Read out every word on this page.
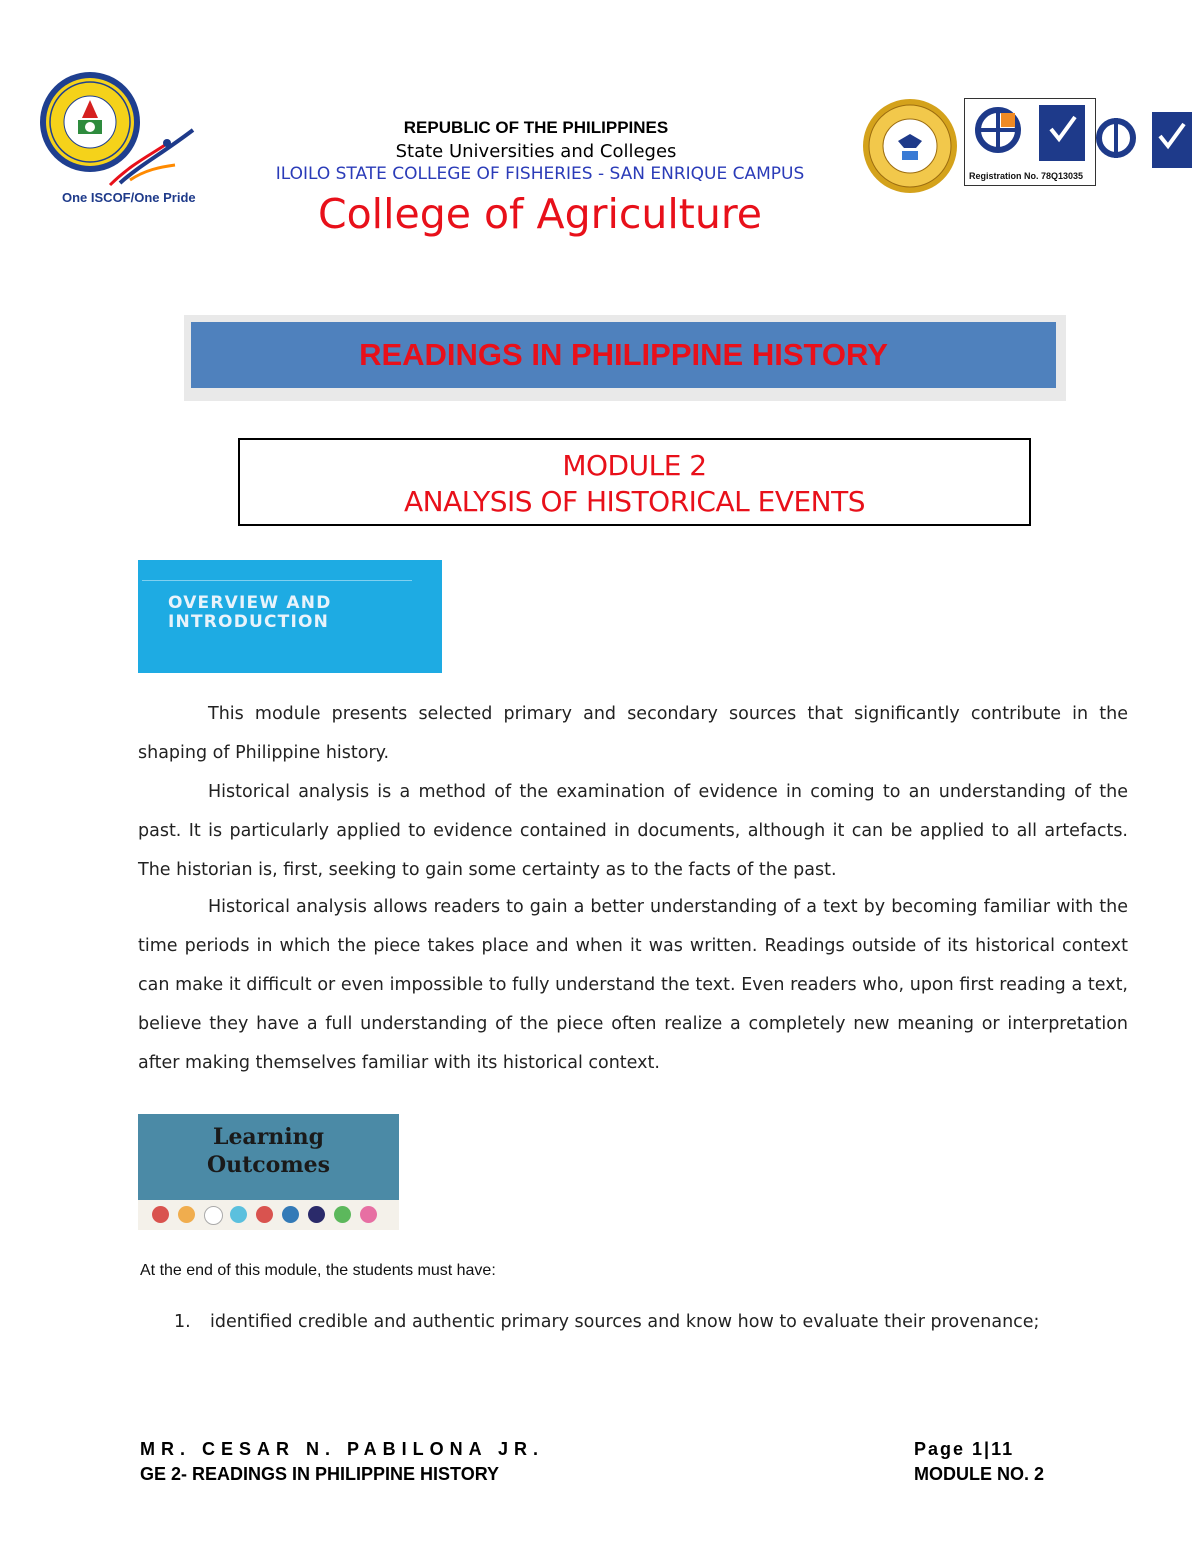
One ISCOF/One Pride
REPUBLIC OF THE PHILIPPINES
State Universities and Colleges
ILOILO STATE COLLEGE OF FISHERIES - SAN ENRIQUE CAMPUS
College of Agriculture
Registration No. 78Q13035
READINGS IN PHILIPPINE HISTORY
MODULE 2
ANALYSIS OF HISTORICAL EVENTS
OVERVIEW AND
INTRODUCTION
This module presents selected primary and secondary sources that significantly contribute in the shaping of Philippine history.
Historical analysis is a method of the examination of evidence in coming to an understanding of the past. It is particularly applied to evidence contained in documents, although it can be applied to all artefacts. The historian is, first, seeking to gain some certainty as to the facts of the past.
Historical analysis allows readers to gain a better understanding of a text by becoming familiar with the time periods in which the piece takes place and when it was written. Readings outside of its historical context can make it difficult or even impossible to fully understand the text. Even readers who, upon first reading a text, believe they have a full understanding of the piece often realize a completely new meaning or interpretation after making themselves familiar with its historical context.
Learning
Outcomes
At the end of this module, the students must have:
1. identified credible and authentic primary sources and know how to evaluate their provenance;
MR. CESAR N. PABILONA JR.
GE 2- READINGS IN PHILIPPINE HISTORY
Page 1|11
MODULE NO. 2
